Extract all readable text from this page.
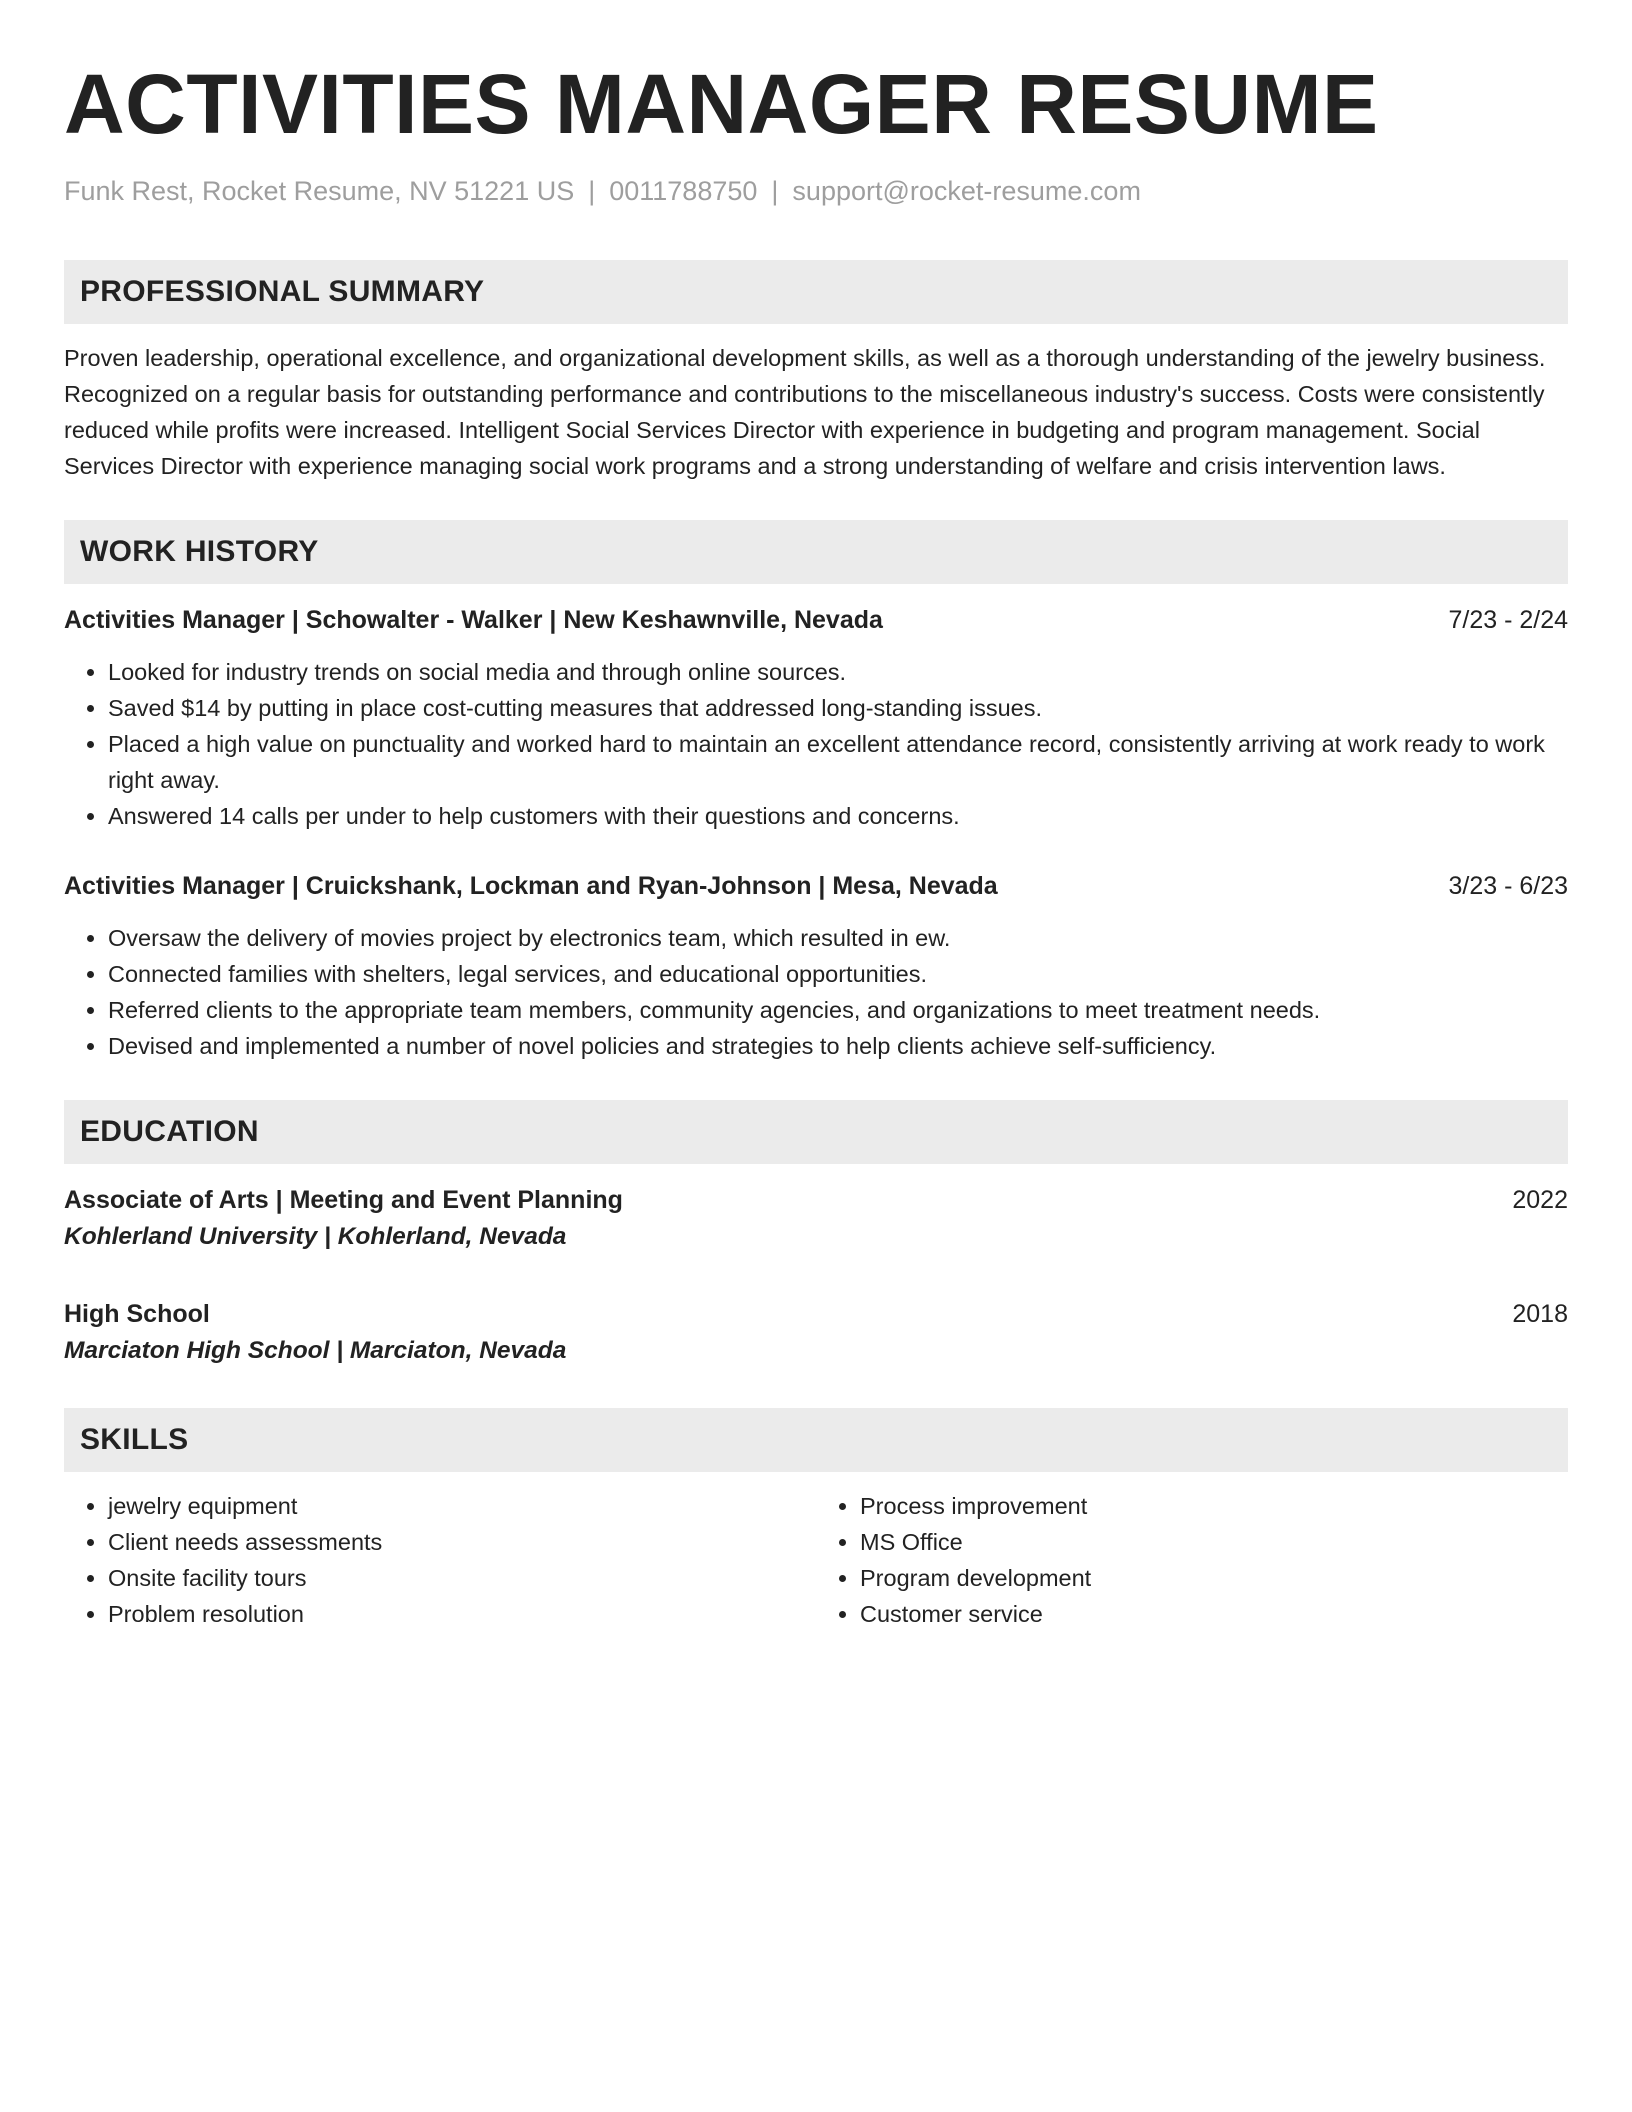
ACTIVITIES MANAGER RESUME
Funk Rest, Rocket Resume, NV 51221 US | 0011788750 | support@rocket-resume.com
PROFESSIONAL SUMMARY

Proven leadership, operational excellence, and organizational development skills, as well as a thorough understanding of the jewelry business. Recognized on a regular basis for outstanding performance and contributions to the miscellaneous industry's success. Costs were consistently reduced while profits were increased. Intelligent Social Services Director with experience in budgeting and program management. Social Services Director with experience managing social work programs and a strong understanding of welfare and crisis intervention laws.

WORK HISTORY
Activities Manager | Schowalter - Walker | New Keshawnville, Nevada	7/23 - 2/24
• Looked for industry trends on social media and through online sources.
• Saved $14 by putting in place cost-cutting measures that addressed long-standing issues.
• Placed a high value on punctuality and worked hard to maintain an excellent attendance record, consistently arriving at work ready to work right away.
• Answered 14 calls per under to help customers with their questions and concerns.
Activities Manager | Cruickshank, Lockman and Ryan-Johnson | Mesa, Nevada	3/23 - 6/23
• Oversaw the delivery of movies project by electronics team, which resulted in ew.
• Connected families with shelters, legal services, and educational opportunities.
• Referred clients to the appropriate team members, community agencies, and organizations to meet treatment needs.
• Devised and implemented a number of novel policies and strategies to help clients achieve self-sufficiency.
EDUCATION
Associate of Arts | Meeting and Event Planning	2022
Kohlerland University | Kohlerland, Nevada
High School	2018
Marciaton High School | Marciaton, Nevada
SKILLS
• jewelry equipment
• Client needs assessments
• Onsite facility tours
• Problem resolution
• Process improvement
• MS Office
• Program development
• Customer service
